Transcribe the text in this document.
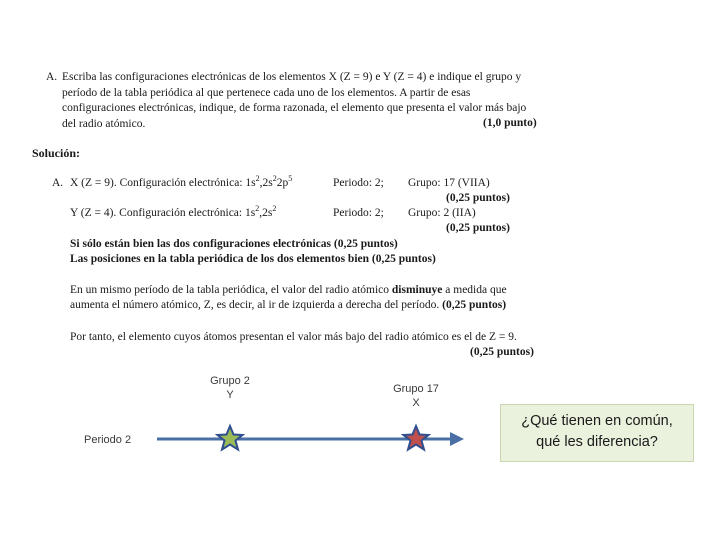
A. Escriba las configuraciones electrónicas de los elementos X (Z = 9) e Y (Z = 4) e indique el grupo y
período de la tabla periódica al que pertenece cada uno de los elementos. A partir de esas
configuraciones electrónicas, indique, de forma razonada, el elemento que presenta el valor más bajo
del radio atómico.	(1,0 punto)
Solución:
A. X (Z = 9). Configuración electrónica: $1s^2,2s^22p^5$	Periodo: 2; Grupo: 17 (VIIA)
(0,25 puntos)
Y (Z = 4). Configuración electrónica: $1s^2,2s^2$	Periodo: 2; Grupo: 2 (IIA)
(0,25 puntos)
Si sólo están bien las dos configuraciones electrónicas (0,25 puntos)
Las posiciones en la tabla periódica de los dos elementos bien (0,25 puntos)
En un mismo período de la tabla periódica, el valor del radio atómico disminuye a medida que
aumenta el número atómico, Z, es decir, al ir de izquierda a derecha del período. (0,25 puntos)
Por tanto, el elemento cuyos átomos presentan el valor más bajo del radio atómico es el de Z = 9.
(0,25 puntos)
Grupo 2
Y	Grupo 17
X
Periodo 2
¿Qué tienen en común,
qué les diferencia?
